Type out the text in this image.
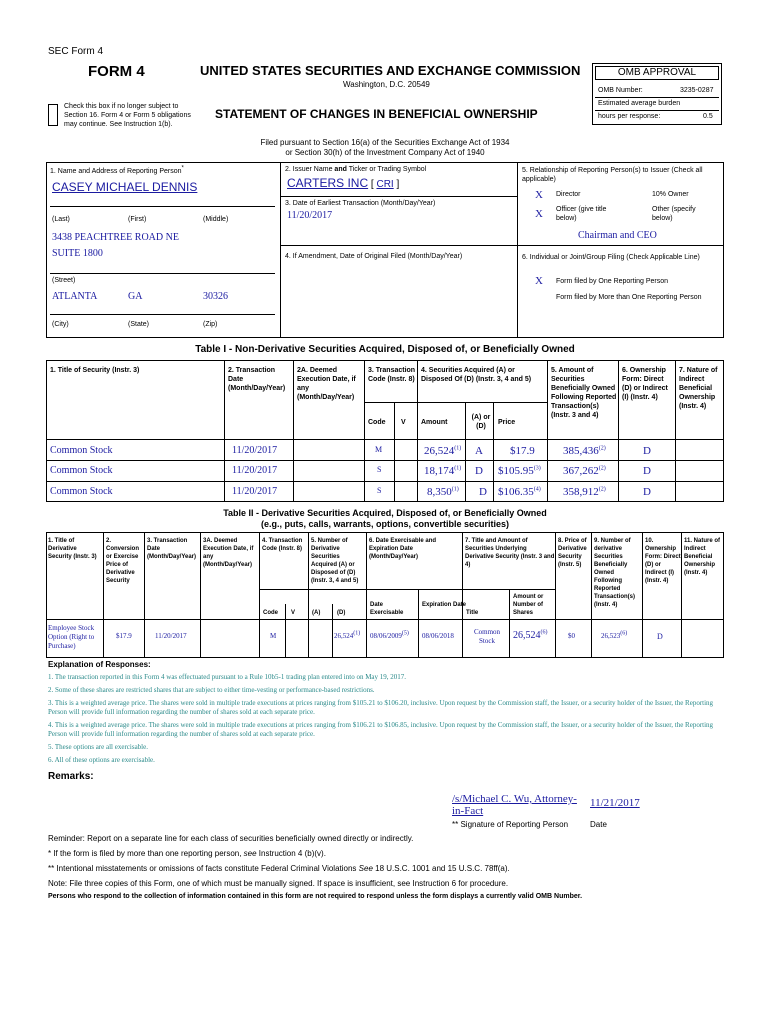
SEC Form 4
FORM 4	UNITED STATES SECURITIES AND EXCHANGE COMMISSION
Washington, D.C. 20549
Check this box if no longer subject to Section 16. Form 4 or Form 5 obligations may continue. See Instruction 1(b).
STATEMENT OF CHANGES IN BENEFICIAL OWNERSHIP
OMB APPROVAL
OMB Number:	3235-0287
Estimated average burden
hours per response:	0.5
Filed pursuant to Section 16(a) of the Securities Exchange Act of 1934
or Section 30(h) of the Investment Company Act of 1940
1. Name and Address of Reporting Person*
CASEY MICHAEL DENNIS
(Last)	(First)	(Middle)
3438 PEACHTREE ROAD NE
SUITE 1800
(Street)
ATLANTA	GA	30326
(City)	(State)	(Zip)
2. Issuer Name and Ticker or Trading Symbol
CARTERS INC [ CRI ]
3. Date of Earliest Transaction (Month/Day/Year)
11/20/2017
4. If Amendment, Date of Original Filed (Month/Day/Year)
5. Relationship of Reporting Person(s) to Issuer (Check all applicable)
X Director	10% Owner
X Officer (give title below)
Other (specify below)
Chairman and CEO
6. Individual or Joint/Group Filing (Check Applicable Line)
X Form filed by One Reporting Person
Form filed by More than One Reporting Person
Table I - Non-Derivative Securities Acquired, Disposed of, or Beneficially Owned
1. Title of Security (Instr. 3)	2. Transaction Date (Month/Day/Year)
2A. Deemed Execution Date, if any (Month/Day/Year)
3. Transaction Code (Instr. 8)
4. Securities Acquired (A) or Disposed Of (D) (Instr. 3, 4 and 5)
5. Amount of Securities Beneficially Owned Following Reported Transaction(s) (Instr. 3 and 4)
6. Ownership Form: Direct (D) or Indirect (I) (Instr. 4)
7. Nature of Indirect Beneficial Ownership (Instr. 4)
Code V Amount
(A) or (D)
Price
Common Stock	11/20/2017	M	26,524$^{(1)}$ A $17.9	385,436$^{(2)}$	D
Common Stock	11/20/2017	S	18,174$^{(1)}$ D $105.95$^{(3)}$ 367,262$^{(2)}$	D
Common Stock	11/20/2017	S	8,350$^{(1)}$ D $106.35$^{(4)}$ 358,912$^{(2)}$	D
Table II - Derivative Securities Acquired, Disposed of, or Beneficially Owned
(e.g., puts, calls, warrants, options, convertible securities)
1. Title of Derivative Security (Instr. 3)
2. Conversion or Exercise Price of Derivative Security
3. Transaction Date (Month/Day/Year)
3A. Deemed Execution Date, if any (Month/Day/Year)
4. Transaction Code (Instr. 8)
5. Number of Derivative Securities Acquired (A) or Disposed of (D) (Instr. 3, 4 and 5)
6. Date Exercisable and Expiration Date (Month/Day/Year)
7. Title and Amount of Securities Underlying Derivative Security (Instr. 3 and 4)
8. Price of Derivative Security (Instr. 5)
9. Number of derivative Securities Beneficially Owned Following Reported Transaction(s) (Instr. 4)
10. Ownership Form: Direct (D) or Indirect (I) (Instr. 4)
11. Nature of Indirect Beneficial Ownership (Instr. 4)
Code V	(A)	(D)
Date Exercisable
Expiration Date
Title
Amount or Number of Shares
Employee Stock Option (Right to Purchase)
$17.9	11/20/2017	M	26,524$^{(1)}$ 08/06/2009$^{(5)}$ 08/06/2018	Common Stock	26,524$^{(6)}$	$0	26,523$^{(6)}$	D
Explanation of Responses:
1. The transaction reported in this Form 4 was effectuated pursuant to a Rule 10b5-1 trading plan entered into on May 19, 2017.
2. Some of these shares are restricted shares that are subject to either time-vesting or performance-based restrictions.
3. This is a weighted average price. The shares were sold in multiple trade executions at prices ranging from $105.21 to $106.20, inclusive. Upon request by the Commission staff, the Issuer, or a security holder of the Issuer, the Reporting Person will provide full information regarding the number of shares sold at each separate price.
4. This is a weighted average price. The shares were sold in multiple trade executions at prices ranging from $106.21 to $106.85, inclusive. Upon request by the Commission staff, the Issuer, or a security holder of the Issuer, the Reporting Person will provide full information regarding the number of shares sold at each separate price.
5. These options are all exercisable.
6. All of these options are exercisable.
Remarks:
/s/Michael C. Wu, Attorney-in-Fact
11/21/2017
** Signature of Reporting Person	Date
Reminder: Report on a separate line for each class of securities beneficially owned directly or indirectly.
* If the form is filed by more than one reporting person, see Instruction 4 (b)(v).
** Intentional misstatements or omissions of facts constitute Federal Criminal Violations See 18 U.S.C. 1001 and 15 U.S.C. 78ff(a).
Note: File three copies of this Form, one of which must be manually signed. If space is insufficient, see Instruction 6 for procedure.
Persons who respond to the collection of information contained in this form are not required to respond unless the form displays a currently valid OMB Number.
